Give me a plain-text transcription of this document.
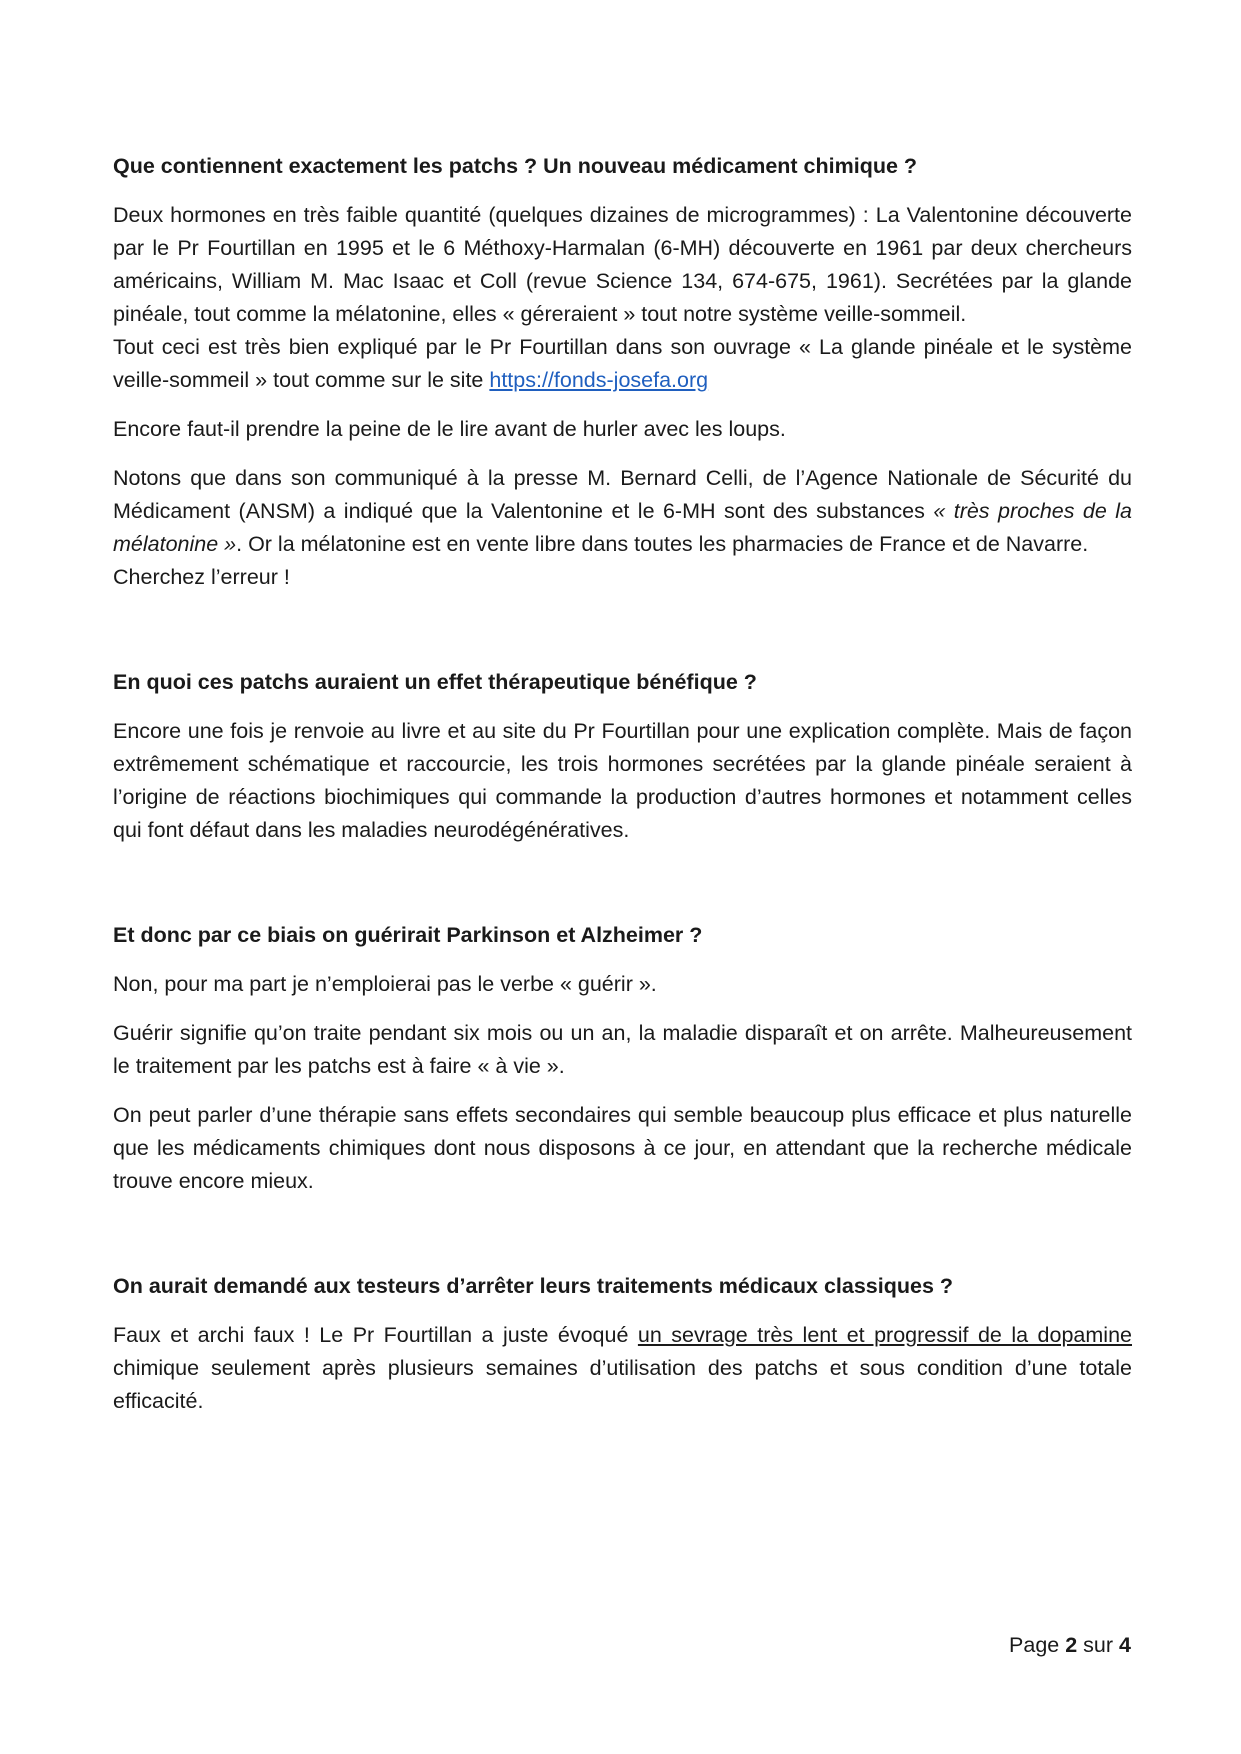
Que contiennent exactement les patchs ? Un nouveau médicament chimique ?

Deux hormones en très faible quantité (quelques dizaines de microgrammes) : La Valentonine découverte par le Pr Fourtillan en 1995 et le 6 Méthoxy-Harmalan (6-MH) découverte en 1961 par deux chercheurs américains, William M. Mac Isaac et Coll (revue Science 134, 674-675, 1961). Secrétées par la glande pinéale, tout comme la mélatonine, elles « géreraient » tout notre système veille-sommeil.
Tout ceci est très bien expliqué par le Pr Fourtillan dans son ouvrage « La glande pinéale et le système veille-sommeil » tout comme sur le site https://fonds-josefa.org

Encore faut-il prendre la peine de le lire avant de hurler avec les loups.

Notons que dans son communiqué à la presse M. Bernard Celli, de l’Agence Nationale de Sécurité du Médicament (ANSM) a indiqué que la Valentonine et le 6-MH sont des substances « très proches de la mélatonine ». Or la mélatonine est en vente libre dans toutes les pharmacies de France et de Navarre.
Cherchez l’erreur !

En quoi ces patchs auraient un effet thérapeutique bénéfique ?

Encore une fois je renvoie au livre et au site du Pr Fourtillan pour une explication complète. Mais de façon extrêmement schématique et raccourcie, les trois hormones secrétées par la glande pinéale seraient à l’origine de réactions biochimiques qui commande la production d’autres hormones et notamment celles qui font défaut dans les maladies neurodégénératives.

Et donc par ce biais on guérirait Parkinson et Alzheimer ?

Non, pour ma part je n’emploierai pas le verbe « guérir ».

Guérir signifie qu’on traite pendant six mois ou un an, la maladie disparaît et on arrête. Malheureusement le traitement par les patchs est à faire « à vie ».

On peut parler d’une thérapie sans effets secondaires qui semble beaucoup plus efficace et plus naturelle que les médicaments chimiques dont nous disposons à ce jour, en attendant que la recherche médicale trouve encore mieux.

On aurait demandé aux testeurs d’arrêter leurs traitements médicaux classiques ?

Faux et archi faux ! Le Pr Fourtillan a juste évoqué un sevrage très lent et progressif de la dopamine chimique seulement après plusieurs semaines d’utilisation des patchs et sous condition d’une totale efficacité.

Page 2 sur 4
